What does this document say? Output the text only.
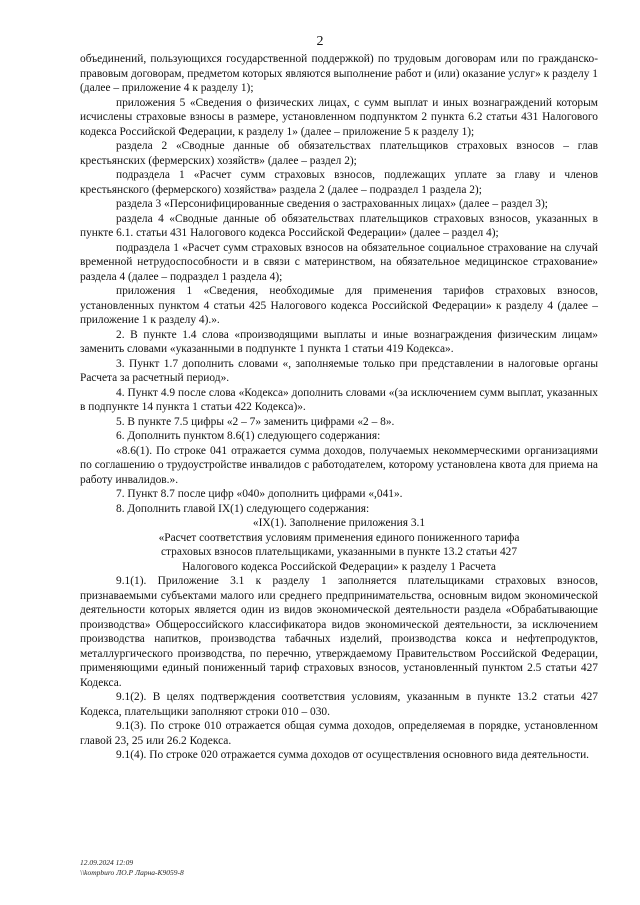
2

объединений, пользующихся государственной поддержкой) по трудовым договорам или по гражданско-правовым договорам, предметом которых являются выполнение работ и (или) оказание услуг» к разделу 1 (далее – приложение 4 к разделу 1);

приложения 5 «Сведения о физических лицах, с сумм выплат и иных вознаграждений которым исчислены страховые взносы в размере, установленном подпунктом 2 пункта 6.2 статьи 431 Налогового кодекса Российской Федерации, к разделу 1» (далее – приложение 5 к разделу 1);

раздела 2 «Сводные данные об обязательствах плательщиков страховых взносов – глав крестьянских (фермерских) хозяйств» (далее – раздел 2);

подраздела 1 «Расчет сумм страховых взносов, подлежащих уплате за главу и членов крестьянского (фермерского) хозяйства» раздела 2 (далее – подраздел 1 раздела 2);

раздела 3 «Персонифицированные сведения о застрахованных лицах» (далее – раздел 3);

раздела 4 «Сводные данные об обязательствах плательщиков страховых взносов, указанных в пункте 6.1. статьи 431 Налогового кодекса Российской Федерации» (далее – раздел 4);

подраздела 1 «Расчет сумм страховых взносов на обязательное социальное страхование на случай временной нетрудоспособности и в связи с материнством, на обязательное медицинское страхование» раздела 4 (далее – подраздел 1 раздела 4);

приложения 1 «Сведения, необходимые для применения тарифов страховых взносов, установленных пунктом 4 статьи 425 Налогового кодекса Российской Федерации» к разделу 4 (далее – приложение 1 к разделу 4).».

2. В пункте 1.4 слова «производящими выплаты и иные вознаграждения физическим лицам» заменить словами «указанными в подпункте 1 пункта 1 статьи 419 Кодекса».

3. Пункт 1.7 дополнить словами «, заполняемые только при представлении в налоговые органы Расчета за расчетный период».

4. Пункт 4.9 после слова «Кодекса» дополнить словами «(за исключением сумм выплат, указанных в подпункте 14 пункта 1 статьи 422 Кодекса)».

5. В пункте 7.5 цифры «2 – 7» заменить цифрами «2 – 8».

6. Дополнить пунктом 8.6(1) следующего содержания:

«8.6(1). По строке 041 отражается сумма доходов, получаемых некоммерческими организациями по соглашению о трудоустройстве инвалидов с работодателем, которому установлена квота для приема на работу инвалидов.».

7. Пункт 8.7 после цифр «040» дополнить цифрами «,041».

8. Дополнить главой IX(1) следующего содержания:

«IX(1). Заполнение приложения 3.1

«Расчет соответствия условиям применения единого пониженного тарифа

страховых взносов плательщиками, указанными в пункте 13.2 статьи 427

Налогового кодекса Российской Федерации» к разделу 1 Расчета

9.1(1). Приложение 3.1 к разделу 1 заполняется плательщиками страховых взносов, признаваемыми субъектами малого или среднего предпринимательства, основным видом экономической деятельности которых является один из видов экономической деятельности раздела «Обрабатывающие производства» Общероссийского классификатора видов экономической деятельности, за исключением производства напитков, производства табачных изделий, производства кокса и нефтепродуктов, металлургического производства, по перечню, утверждаемому Правительством Российской Федерации, применяющими единый пониженный тариф страховых взносов, установленный пунктом 2.5 статьи 427 Кодекса.

9.1(2). В целях подтверждения соответствия условиям, указанным в пункте 13.2 статьи 427 Кодекса, плательщики заполняют строки 010 – 030.

9.1(3). По строке 010 отражается общая сумма доходов, определяемая в порядке, установленном главой 23, 25 или 26.2 Кодекса.

9.1(4). По строке 020 отражается сумма доходов от осуществления основного вида деятельности.

12.09.2024 12:09
\\kompburo ЛО.Р Ларна-К9059-8
